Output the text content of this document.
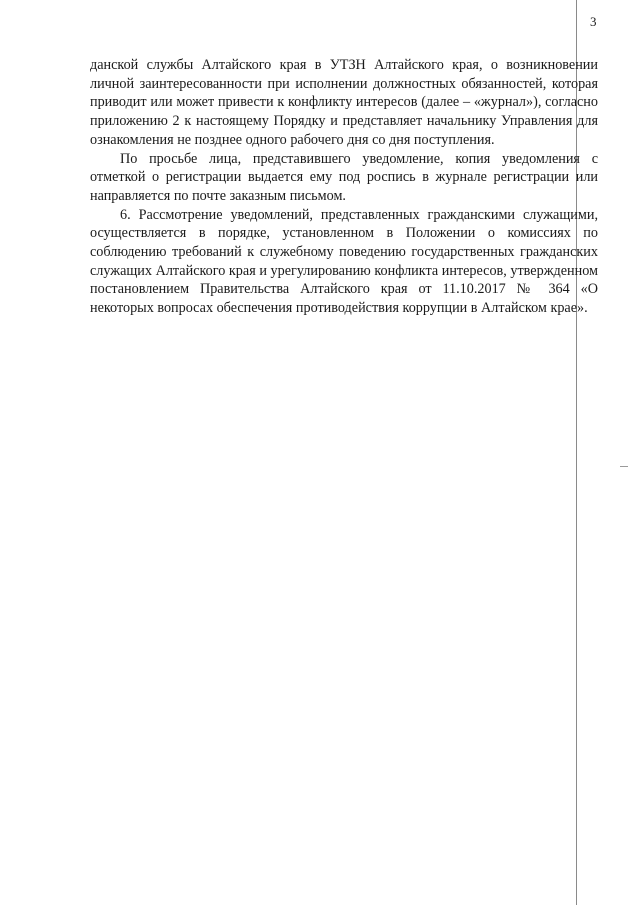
3

данской службы Алтайского края в УТЗН Алтайского края, о возникновении личной заинтересованности при исполнении должностных обязанностей, которая приводит или может привести к конфликту интересов (далее – «журнал»), согласно приложению 2 к настоящему Порядку и представляет начальнику Управления для ознакомления не позднее одного рабочего дня со дня поступления.

По просьбе лица, представившего уведомление, копия уведомления с отметкой о регистрации выдается ему под роспись в журнале регистрации или направляется по почте заказным письмом.

6. Рассмотрение уведомлений, представленных гражданскими служащими, осуществляется в порядке, установленном в Положении о комиссиях по соблюдению требований к служебному поведению государственных гражданских служащих Алтайского края и урегулированию конфликта интересов, утвержденном постановлением Правительства Алтайского края от 11.10.2017 № 364 «О некоторых вопросах обеспечения противодействия коррупции в Алтайском крае».
